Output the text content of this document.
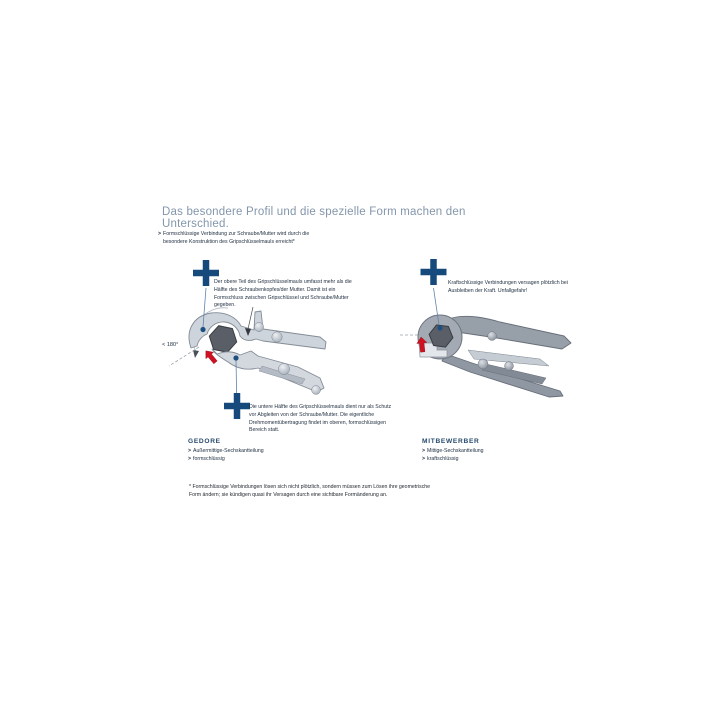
Das besondere Profil und die spezielle Form machen den Unterschied.
> Formschlüssige Verbindung zur Schraube/Mutter wird durch die besondere Konstruktion des Gripschlüsselmauls erreicht*
Der obere Teil des Gripschlüsselmauls umfasst mehr als die Hälfte des Schraubenkopfes/der Mutter. Damit ist ein Formschluss zwischen Gripschlüssel und Schraube/Mutter gegeben.
Kraftschlüssige Verbindungen versagen plötzlich bei Ausbleiben der Kraft. Unfallgefahr!
Die untere Hälfte des Gripschlüsselmauls dient nur als Schutz vor Abgleiten von der Schraube/Mutter. Die eigentliche Drehmomentübertragung findet im oberen, formschlüssigen Bereich statt.
< 180°
GEDORE
> Außermittige-Sechskantteilung
> formschlüssig
MITBEWERBER
> Mittige-Sechskantteilung
> kraftschlüssig
* Formschlüssige Verbindungen lösen sich nicht plötzlich, sondern müssen zum Lösen ihre geometrische Form ändern; sie kündigen quasi ihr Versagen durch eine sichtbare Formänderung an.
